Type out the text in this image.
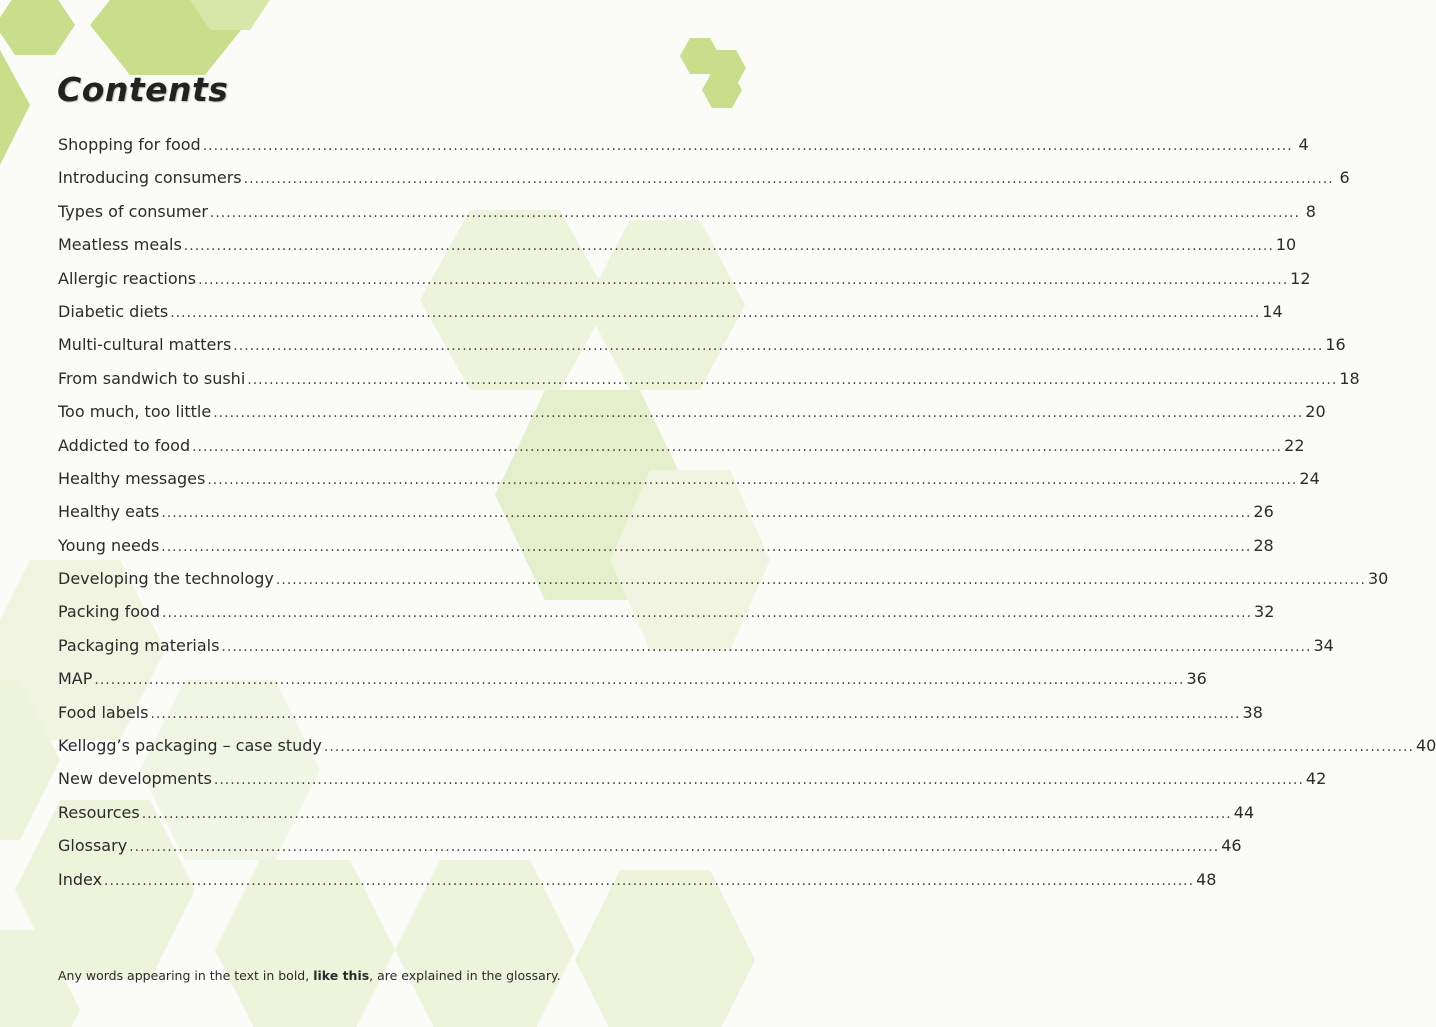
Contents
Shopping for food ........................................................................................................................................................................................................ 4
Introducing consumers ........................................................................................................................................................................................................ 6
Types of consumer ........................................................................................................................................................................................................ 8
Meatless meals ........................................................................................................................................................................................................ 10
Allergic reactions ........................................................................................................................................................................................................ 12
Diabetic diets ........................................................................................................................................................................................................ 14
Multi-cultural matters ........................................................................................................................................................................................................ 16
From sandwich to sushi ........................................................................................................................................................................................................ 18
Too much, too little ........................................................................................................................................................................................................ 20
Addicted to food ........................................................................................................................................................................................................ 22
Healthy messages ........................................................................................................................................................................................................ 24
Healthy eats ........................................................................................................................................................................................................ 26
Young needs ........................................................................................................................................................................................................ 28
Developing the technology ........................................................................................................................................................................................................ 30
Packing food ........................................................................................................................................................................................................ 32
Packaging materials ........................................................................................................................................................................................................ 34
MAP ........................................................................................................................................................................................................ 36
Food labels ........................................................................................................................................................................................................ 38
Kellogg’s packaging – case study ........................................................................................................................................................................................................ 40
New developments ........................................................................................................................................................................................................ 42
Resources ........................................................................................................................................................................................................ 44
Glossary ........................................................................................................................................................................................................ 46
Index ........................................................................................................................................................................................................ 48
Any words appearing in the text in bold, like this, are explained in the glossary.
